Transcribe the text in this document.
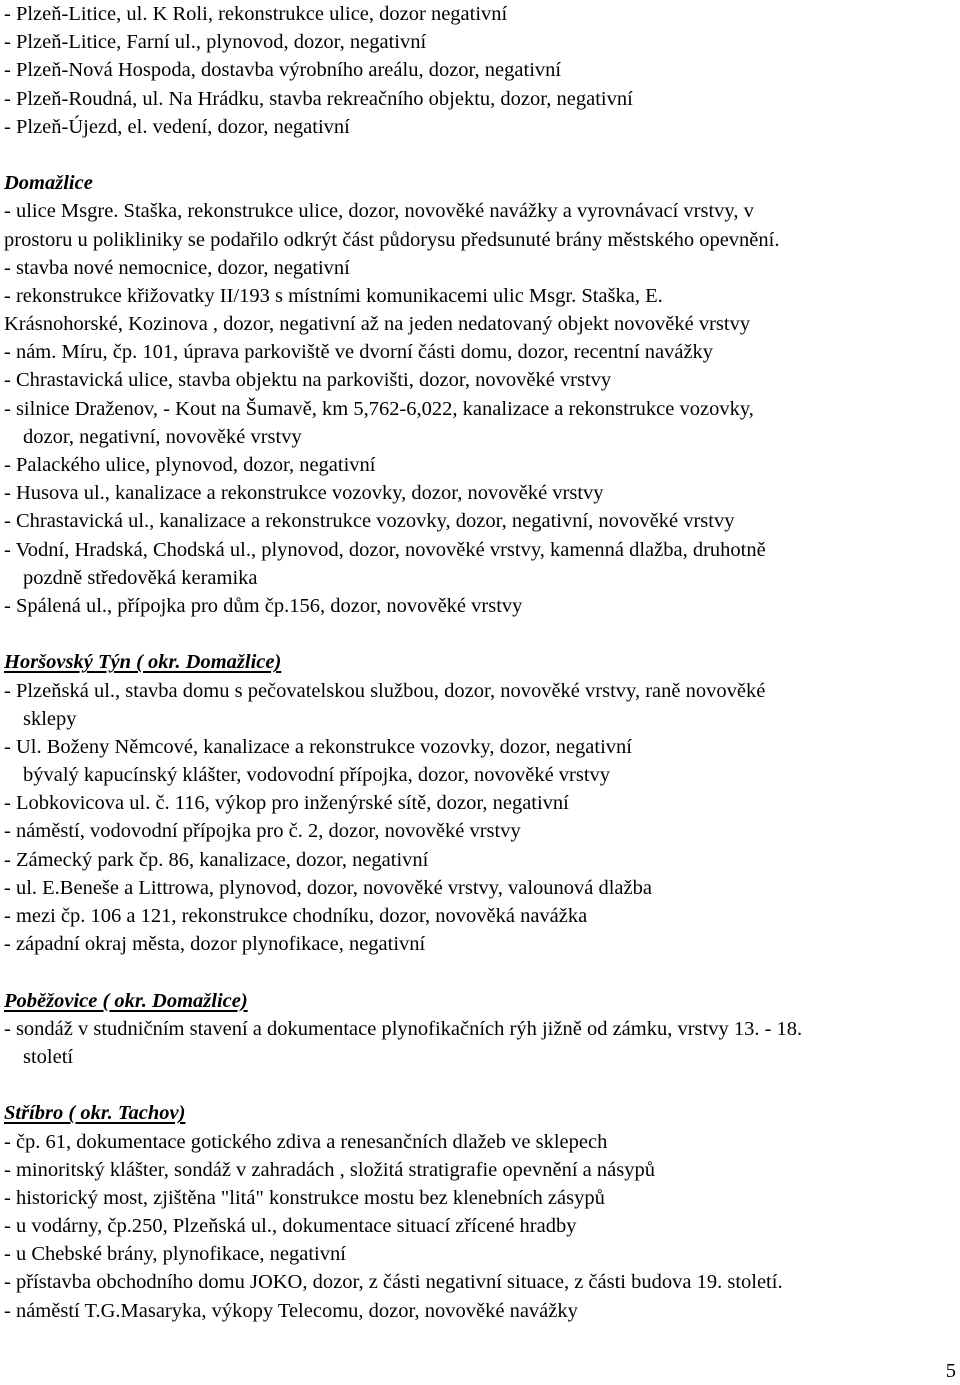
- Plzeň-Litice, ul. K Roli, rekonstrukce ulice, dozor negativní
- Plzeň-Litice, Farní ul., plynovod, dozor, negativní
- Plzeň-Nová Hospoda, dostavba výrobního areálu, dozor, negativní
- Plzeň-Roudná, ul. Na Hrádku, stavba rekreačního objektu, dozor, negativní
- Plzeň-Újezd, el. vedení, dozor, negativní
Domažlice
- ulice Msgre. Staška, rekonstrukce ulice, dozor, novověké navážky a vyrovnávací vrstvy, v
prostoru u polikliniky se podařilo odkrýt část půdorysu předsunuté brány městského opevnění.
- stavba nové nemocnice, dozor, negativní
- rekonstrukce křižovatky II/193 s místními komunikacemi ulic Msgr. Staška, E.
Krásnohorské, Kozinova , dozor, negativní až na jeden nedatovaný objekt novověké vrstvy
- nám. Míru, čp. 101, úprava parkoviště ve dvorní části domu, dozor, recentní navážky
- Chrastavická ulice, stavba objektu na parkovišti, dozor, novověké vrstvy
- silnice Draženov, - Kout na Šumavě, km 5,762-6,022, kanalizace a rekonstrukce vozovky,
dozor, negativní, novověké vrstvy
- Palackého ulice, plynovod, dozor, negativní
- Husova ul., kanalizace a rekonstrukce vozovky, dozor, novověké vrstvy
- Chrastavická ul., kanalizace a rekonstrukce vozovky, dozor, negativní, novověké vrstvy
- Vodní, Hradská, Chodská ul., plynovod, dozor, novověké vrstvy, kamenná dlažba, druhotně
pozdně středověká keramika
- Spálená ul., přípojka pro dům čp.156, dozor, novověké vrstvy
Horšovský Týn ( okr. Domažlice)
- Plzeňská ul., stavba domu s pečovatelskou službou, dozor, novověké vrstvy, raně novověké
sklepy
- Ul. Boženy Němcové, kanalizace a rekonstrukce vozovky, dozor, negativní
bývalý kapucínský klášter, vodovodní přípojka, dozor, novověké vrstvy
- Lobkovicova ul. č. 116, výkop pro inženýrské sítě, dozor, negativní
- náměstí, vodovodní přípojka pro č. 2, dozor, novověké vrstvy
- Zámecký park čp. 86, kanalizace, dozor, negativní
- ul. E.Beneše a Littrowa, plynovod, dozor, novověké vrstvy, valounová dlažba
- mezi čp. 106 a 121, rekonstrukce chodníku, dozor, novověká navážka
- západní okraj města, dozor plynofikace, negativní
Poběžovice ( okr. Domažlice)
- sondáž v studničním stavení a dokumentace plynofikačních rýh jižně od zámku, vrstvy 13. - 18.
století
Stříbro ( okr. Tachov)
- čp. 61, dokumentace gotického zdiva a renesančních dlažeb ve sklepech
- minoritský klášter, sondáž v zahradách , složitá stratigrafie opevnění a násypů
- historický most, zjištěna "litá" konstrukce mostu bez klenebních zásypů
- u vodárny, čp.250, Plzeňská ul., dokumentace situací zřícené hradby
- u Chebské brány, plynofikace, negativní
- přístavba obchodního domu JOKO, dozor, z části negativní situace, z části budova 19. století.
- náměstí T.G.Masaryka, výkopy Telecomu, dozor, novověké navážky
5
